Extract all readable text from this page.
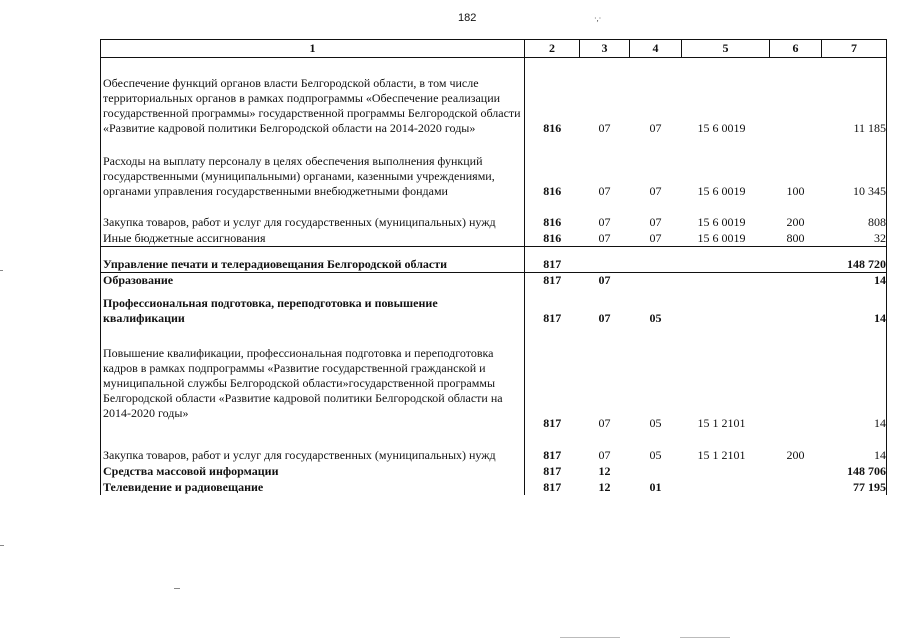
182	·,·
1	2	3	4	5	6	7

Обеспечение функций органов власти Белгородской области, в том числе территориальных органов в рамках подпрограммы «Обеспечение реализации государственной программы» государственной программы Белгородской области «Развитие кадровой политики Белгородской области на 2014-2020 годы»	816	07	07	15 6 0019		11 185

Расходы на выплату персоналу в целях обеспечения выполнения функций государственными (муниципальными) органами, казенными учреждениями, органами управления государственными внебюджетными фондами	816	07	07	15 6 0019	100	10 345

Закупка товаров, работ и услуг для государственных (муниципальных) нужд	816	07	07	15 6 0019	200	808

Иные бюджетные ассигнования	816	07	07	15 6 0019	800	32

Управление печати и телерадиовещания Белгородской области	817					148 720

Образование	817	07				14

Профессиональная подготовка, переподготовка и повышение квалификации	817	07	05			14

Повышение квалификации, профессиональная подготовка и переподготовка кадров в рамках подпрограммы «Развитие государственной гражданской и муниципальной службы Белгородской области»государственной программы Белгородской области «Развитие кадровой политики Белгородской области на 2014-2020 годы»	817	07	05	15 1 2101		14

Закупка товаров, работ и услуг для государственных (муниципальных) нужд	817	07	05	15 1 2101	200	14

Средства массовой информации	817	12				148 706

Телевидение и радиовещание	817	12	01			77 195
